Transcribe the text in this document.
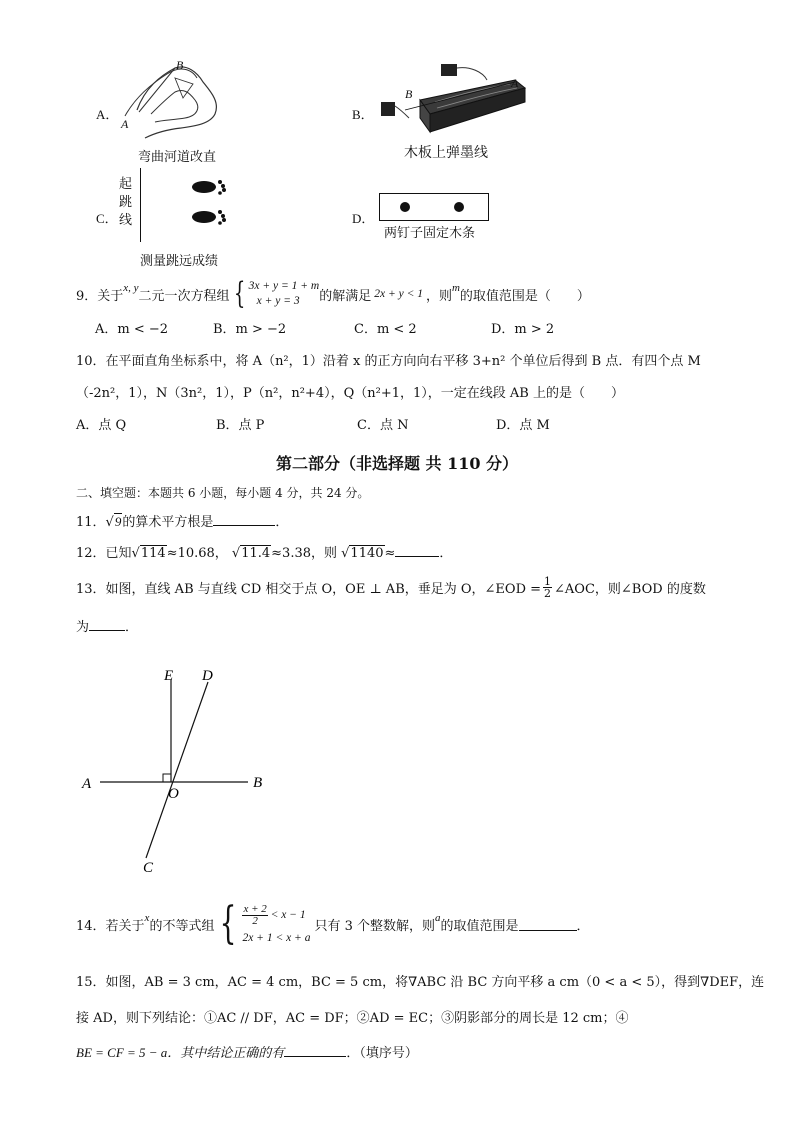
A．
B
A
弯曲河道改直
B．
B
A
木板上弹墨线
C．
起
跳
线
测量跳远成绩
D．
两钉子固定木条
9．关于
x, y
二元一次方程组 { 3x + y = 1 + m
x + y = 3	的解满足 2x + y < 1 ，则
m
的取值范围是（　　）
A．m < −2	B．m > −2	C．m < 2	D．m > 2
10．在平面直角坐标系中，将 A（n²，1）沿着 x 的正方向向右平移 3+n² 个单位后得到 B 点．有四个点 M
（-2n²，1），N（3n²，1），P（n²，n²+4），Q（n²+1，1），一定在线段 AB 上的是（　　）
A．点 Q	B．点 P	C．点 N	D．点 M
第二部分（非选择题 共 110 分）
二、填空题：本题共 6 小题，每小题 4 分，共 24 分。
11．√9的算术平方根是	．
12．已知√114≈10.68， √11.4≈3.38，则 √1140≈	．
13．如图，直线 AB 与直线 CD 相交于点 O，OE ⊥ AB，垂足为 O，∠EOD = $\frac{1}{2}$ ∠AOC，则∠BOD 的度数
为	．
E D
A	B
O
C
14．若关于
x
的不等式组 { $\frac{x + 2}{2} < x - 1$
2x + 1 < x + a
只有 3 个整数解，则
a
的取值范围是	．
15．如图，AB = 3 cm，AC = 4 cm，BC = 5 cm，将∇ABC 沿 BC 方向平移 a cm（0 < a < 5），得到∇DEF，连
接 AD，则下列结论：①AC // DF，AC = DF；②AD = EC；③阴影部分的周长是 12 cm；④
BE = CF = 5 − a．其中结论正确的有	．（填序号）
